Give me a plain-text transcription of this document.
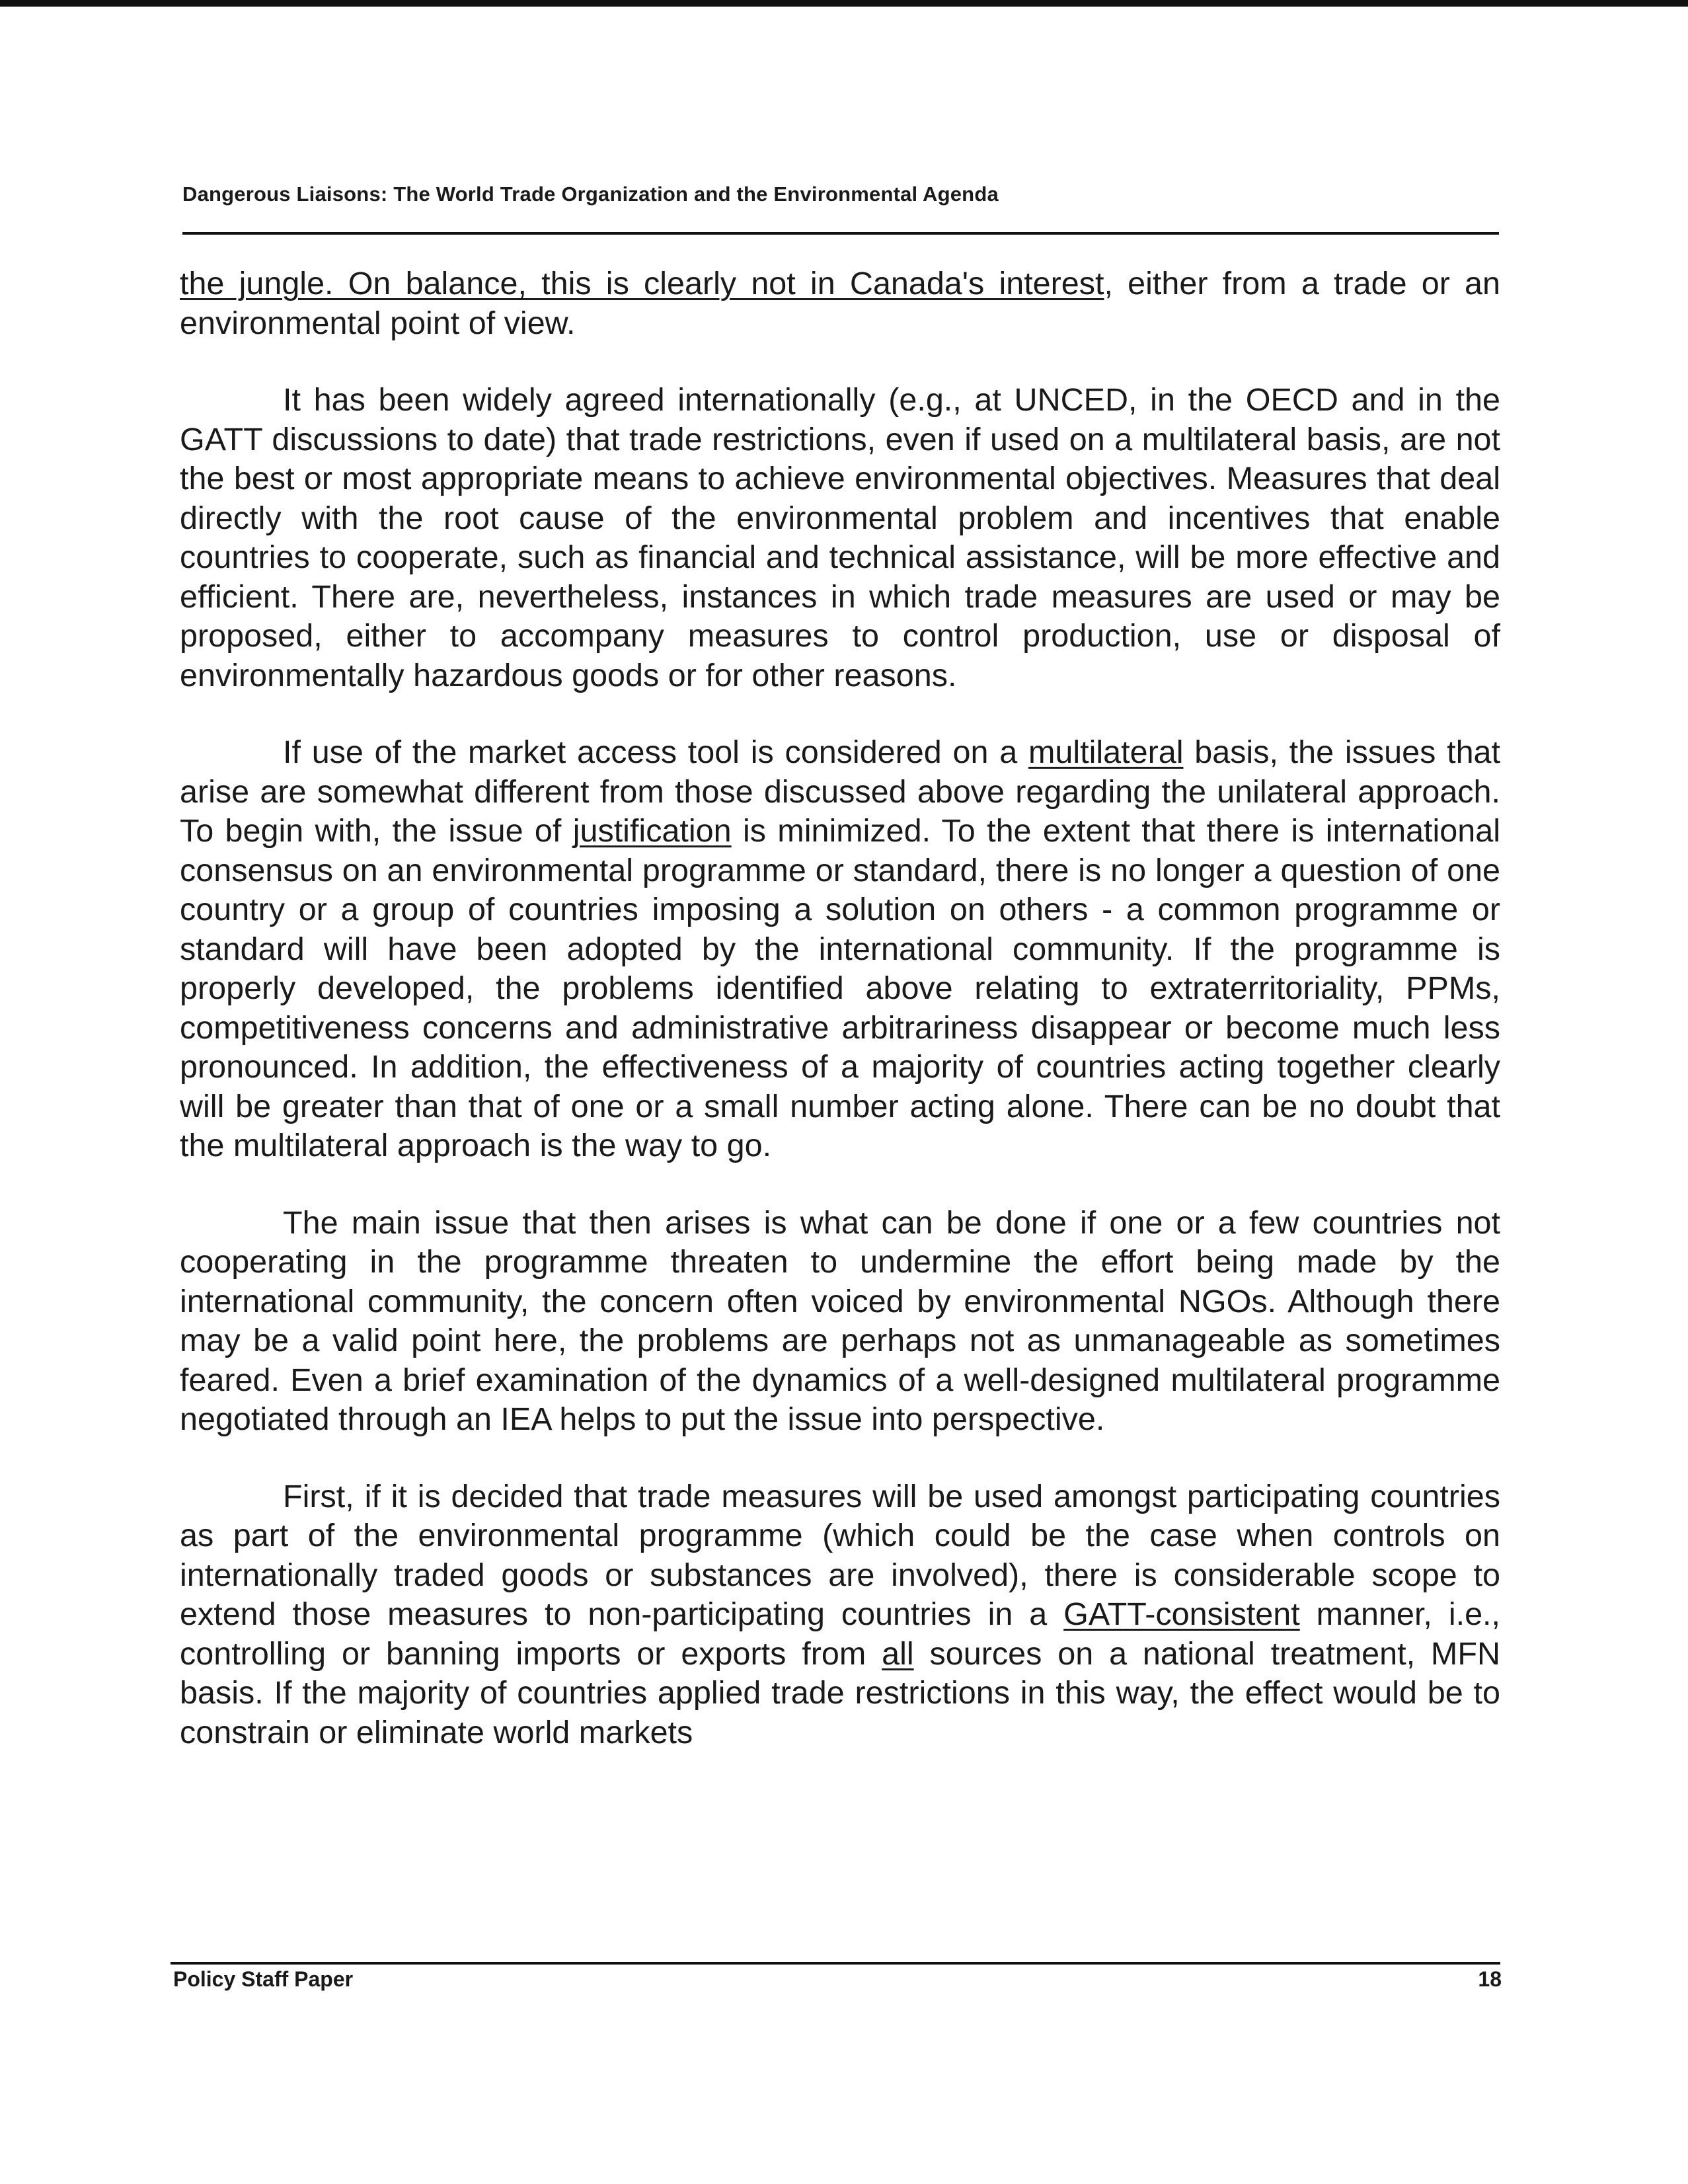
Dangerous Liaisons: The World Trade Organization and the Environmental Agenda

the jungle. On balance, this is clearly not in Canada's interest, either from a trade or an environmental point of view.

It has been widely agreed internationally (e.g., at UNCED, in the OECD and in the GATT discussions to date) that trade restrictions, even if used on a multilateral basis, are not the best or most appropriate means to achieve environmental objectives. Measures that deal directly with the root cause of the environmental problem and incentives that enable countries to cooperate, such as financial and technical assistance, will be more effective and efficient. There are, nevertheless, instances in which trade measures are used or may be proposed, either to accompany measures to control production, use or disposal of environmentally hazardous goods or for other reasons.

If use of the market access tool is considered on a multilateral basis, the issues that arise are somewhat different from those discussed above regarding the unilateral approach. To begin with, the issue of justification is minimized. To the extent that there is international consensus on an environmental programme or standard, there is no longer a question of one country or a group of countries imposing a solution on others - a common programme or standard will have been adopted by the international community. If the programme is properly developed, the problems identified above relating to extraterritoriality, PPMs, competitiveness concerns and administrative arbitrariness disappear or become much less pronounced. In addition, the effectiveness of a majority of countries acting together clearly will be greater than that of one or a small number acting alone. There can be no doubt that the multilateral approach is the way to go.

The main issue that then arises is what can be done if one or a few countries not cooperating in the programme threaten to undermine the effort being made by the international community, the concern often voiced by environmental NGOs. Although there may be a valid point here, the problems are perhaps not as unmanageable as sometimes feared. Even a brief examination of the dynamics of a well-designed multilateral programme negotiated through an IEA helps to put the issue into perspective.

First, if it is decided that trade measures will be used amongst participating countries as part of the environmental programme (which could be the case when controls on internationally traded goods or substances are involved), there is considerable scope to extend those measures to non-participating countries in a GATT-consistent manner, i.e., controlling or banning imports or exports from all sources on a national treatment, MFN basis. If the majority of countries applied trade restrictions in this way, the effect would be to constrain or eliminate world markets

Policy Staff Paper	18
